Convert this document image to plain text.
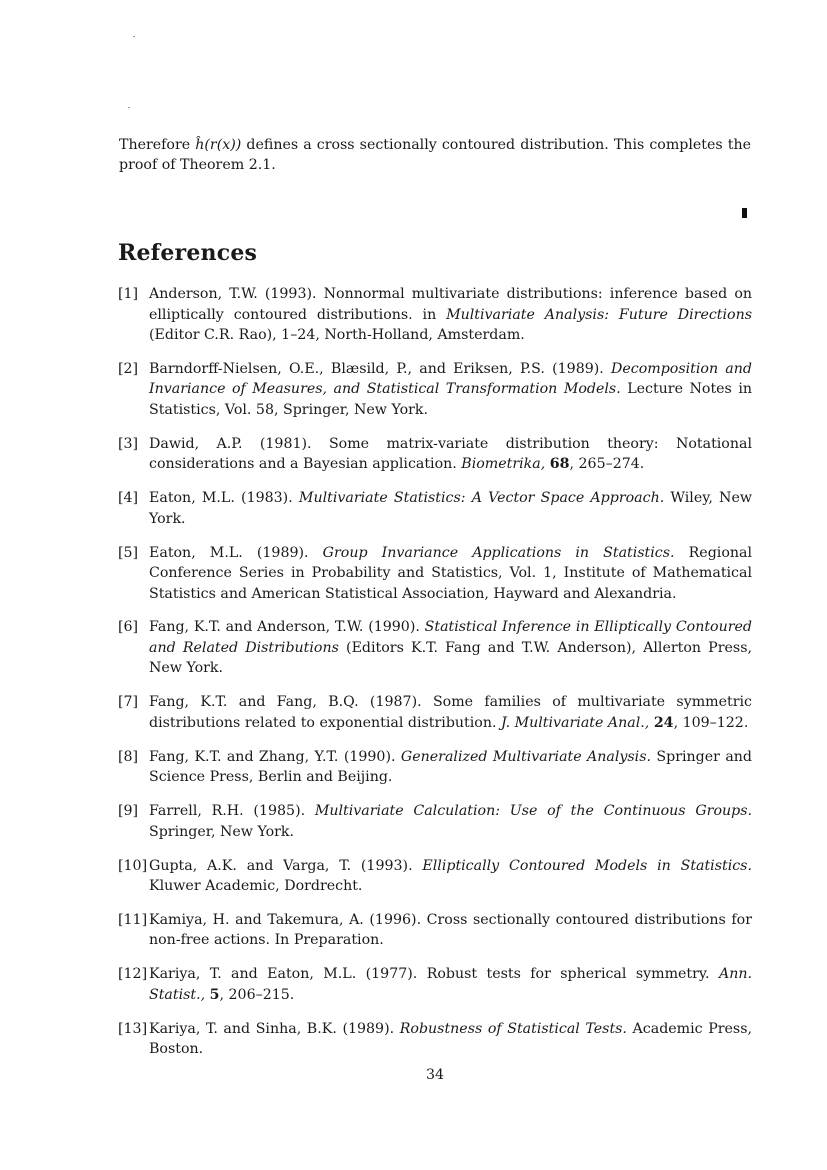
Therefore ĥ(r(x)) defines a cross sectionally contoured distribution. This completes the proof of Theorem 2.1.

References
[1] Anderson, T.W. (1993). Nonnormal multivariate distributions: inference based on elliptically contoured distributions. in Multivariate Analysis: Future Directions (Editor C.R. Rao), 1–24, North-Holland, Amsterdam.
[2] Barndorff-Nielsen, O.E., Blæsild, P., and Eriksen, P.S. (1989). Decomposition and Invariance of Measures, and Statistical Transformation Models. Lecture Notes in Statistics, Vol. 58, Springer, New York.
[3] Dawid, A.P. (1981). Some matrix-variate distribution theory: Notational considerations and a Bayesian application. Biometrika, 68, 265–274.
[4] Eaton, M.L. (1983). Multivariate Statistics: A Vector Space Approach. Wiley, New York.
[5] Eaton, M.L. (1989). Group Invariance Applications in Statistics. Regional Conference Series in Probability and Statistics, Vol. 1, Institute of Mathematical Statistics and American Statistical Association, Hayward and Alexandria.
[6] Fang, K.T. and Anderson, T.W. (1990). Statistical Inference in Elliptically Contoured and Related Distributions (Editors K.T. Fang and T.W. Anderson), Allerton Press, New York.
[7] Fang, K.T. and Fang, B.Q. (1987). Some families of multivariate symmetric distributions related to exponential distribution. J. Multivariate Anal., 24, 109–122.
[8] Fang, K.T. and Zhang, Y.T. (1990). Generalized Multivariate Analysis. Springer and Science Press, Berlin and Beijing.
[9] Farrell, R.H. (1985). Multivariate Calculation: Use of the Continuous Groups. Springer, New York.
[10] Gupta, A.K. and Varga, T. (1993). Elliptically Contoured Models in Statistics. Kluwer Academic, Dordrecht.
[11] Kamiya, H. and Takemura, A. (1996). Cross sectionally contoured distributions for non-free actions. In Preparation.
[12] Kariya, T. and Eaton, M.L. (1977). Robust tests for spherical symmetry. Ann. Statist., 5, 206–215.
[13] Kariya, T. and Sinha, B.K. (1989). Robustness of Statistical Tests. Academic Press, Boston.
34
